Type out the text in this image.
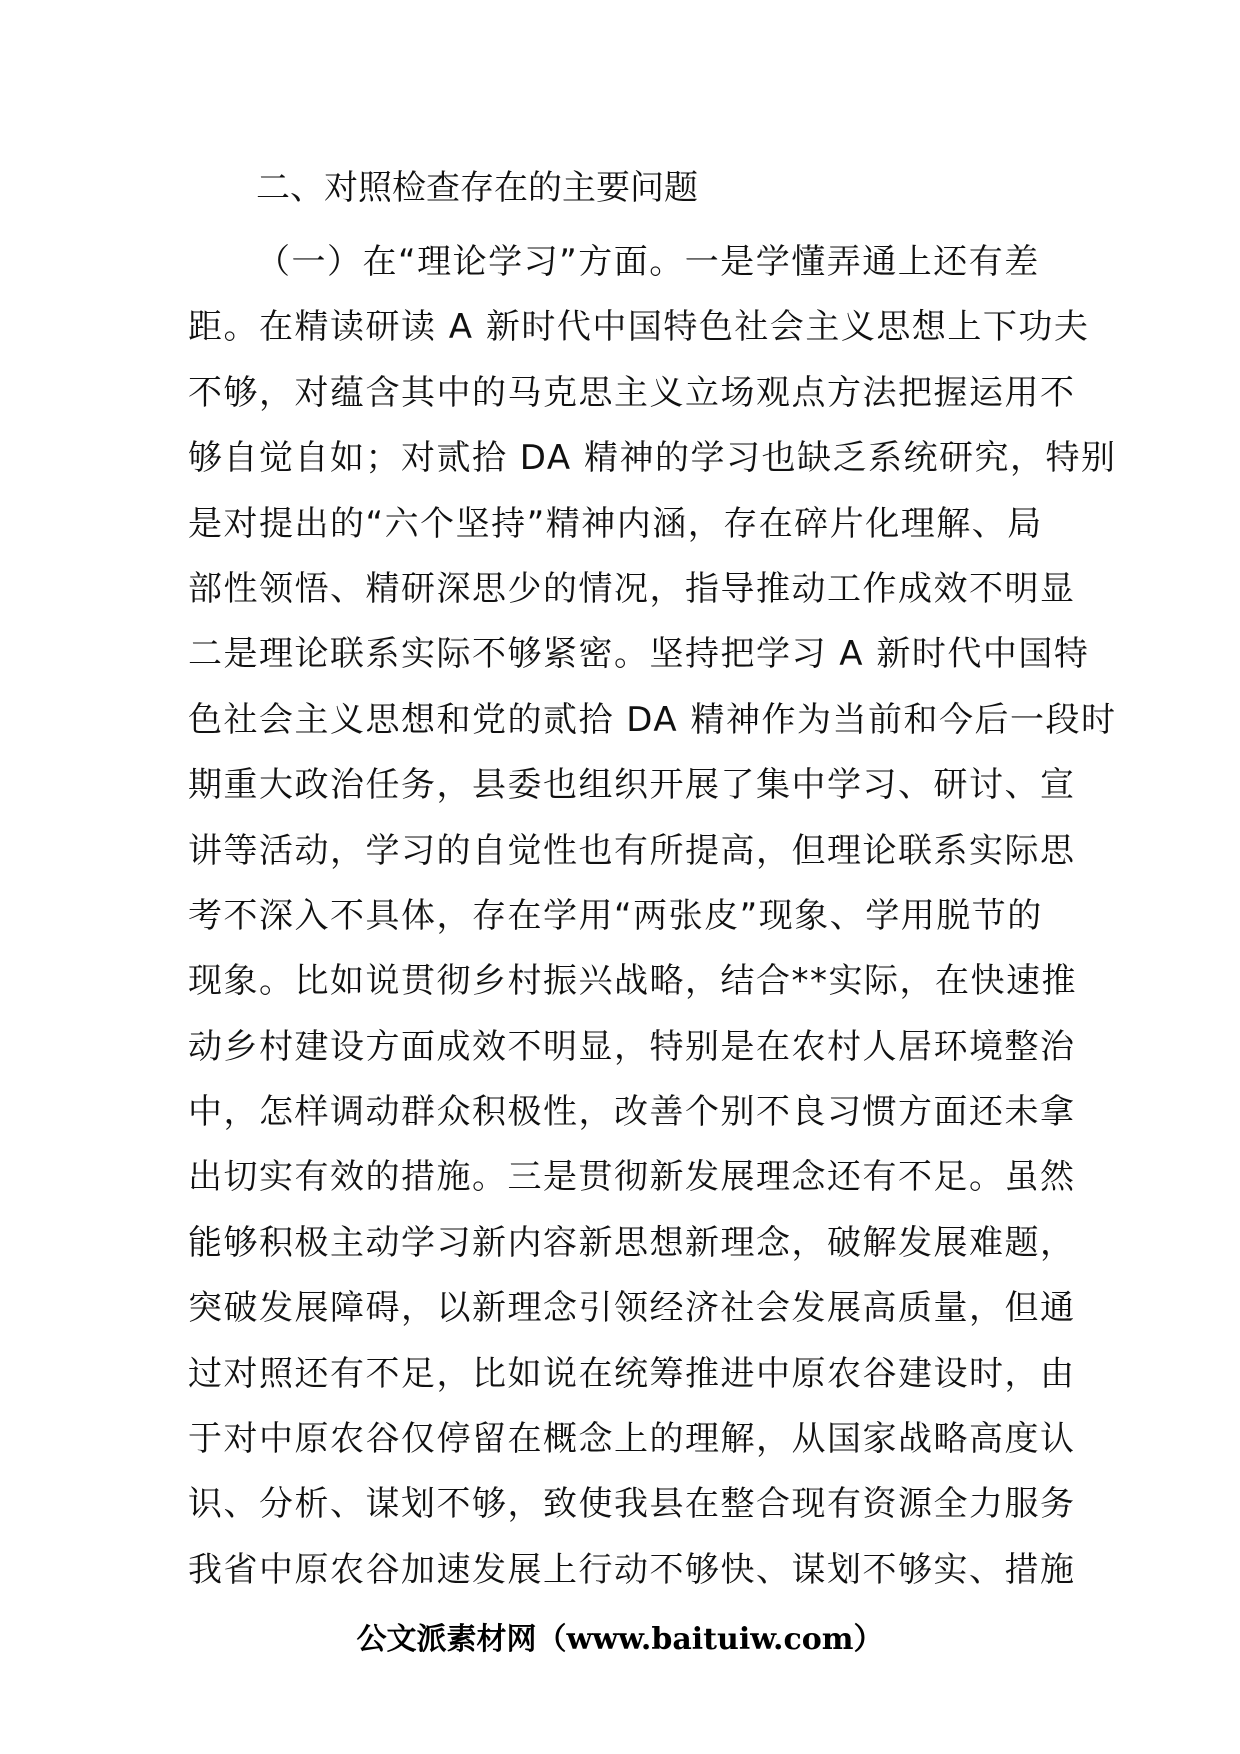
二、对照检查存在的主要问题
（一）在“理论学习”方面。一是学懂弄通上还有差
距。在精读研读 A 新时代中国特色社会主义思想上下功夫
不够，对蕴含其中的马克思主义立场观点方法把握运用不
够自觉自如；对贰拾 DA 精神的学习也缺乏系统研究，特别
是对提出的“六个坚持”精神内涵，存在碎片化理解、局
部性领悟、精研深思少的情况，指导推动工作成效不明显
二是理论联系实际不够紧密。坚持把学习 A 新时代中国特
色社会主义思想和党的贰拾 DA 精神作为当前和今后一段时
期重大政治任务，县委也组织开展了集中学习、研讨、宣
讲等活动，学习的自觉性也有所提高，但理论联系实际思
考不深入不具体，存在学用“两张皮”现象、学用脱节的
现象。比如说贯彻乡村振兴战略，结合**实际，在快速推
动乡村建设方面成效不明显，特别是在农村人居环境整治
中，怎样调动群众积极性，改善个别不良习惯方面还未拿
出切实有效的措施。三是贯彻新发展理念还有不足。虽然
能够积极主动学习新内容新思想新理念，破解发展难题，
突破发展障碍，以新理念引领经济社会发展高质量，但通
过对照还有不足，比如说在统筹推进中原农谷建设时，由
于对中原农谷仅停留在概念上的理解，从国家战略高度认
识、分析、谋划不够，致使我县在整合现有资源全力服务
我省中原农谷加速发展上行动不够快、谋划不够实、措施
公文派素材网（www.baituiw.com）
